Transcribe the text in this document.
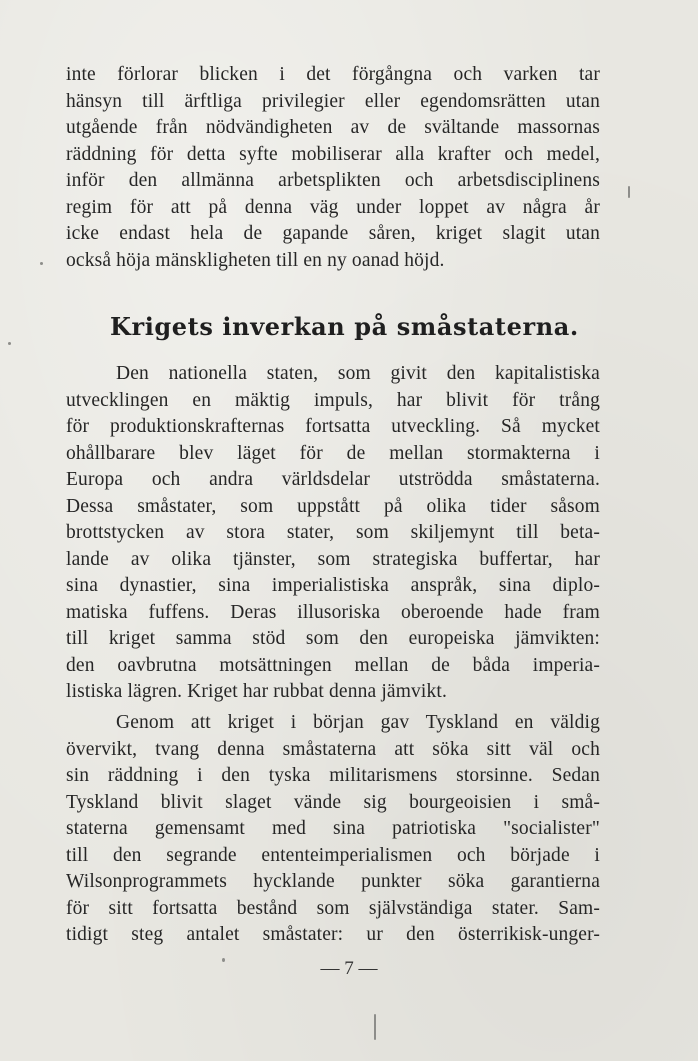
inte förlorar blicken i det förgångna och varken tar
hänsyn till ärftliga privilegier eller egendomsrätten utan
utgående från nödvändigheten av de svältande massornas
räddning för detta syfte mobiliserar alla krafter och medel,
inför den allmänna arbetsplikten och arbetsdisciplinens
regim för att på denna väg under loppet av några år
icke endast hela de gapande såren, kriget slagit utan
också höja mänskligheten till en ny oanad höjd.
Krigets inverkan på småstaterna.
Den nationella staten, som givit den kapitalistiska
utvecklingen en mäktig impuls, har blivit för trång
för produktionskrafternas fortsatta utveckling. Så mycket
ohållbarare blev läget för de mellan stormakterna i
Europa och andra världsdelar utströdda småstaterna.
Dessa småstater, som uppstått på olika tider såsom
brottstycken av stora stater, som skiljemynt till beta-
lande av olika tjänster, som strategiska buffertar, har
sina dynastier, sina imperialistiska anspråk, sina diplo-
matiska fuffens. Deras illusoriska oberoende hade fram
till kriget samma stöd som den europeiska jämvikten:
den oavbrutna motsättningen mellan de båda imperia-
listiska lägren. Kriget har rubbat denna jämvikt.
Genom att kriget i början gav Tyskland en väldig
övervikt, tvang denna småstaterna att söka sitt väl och
sin räddning i den tyska militarismens storsinne. Sedan
Tyskland blivit slaget vände sig bourgeoisien i små-
staterna gemensamt med sina patriotiska "socialister"
till den segrande ententeimperialismen och började i
Wilsonprogrammets hycklande punkter söka garantierna
för sitt fortsatta bestånd som självständiga stater. Sam-
tidigt steg antalet småstater: ur den österrikisk-unger-
— 7 —
